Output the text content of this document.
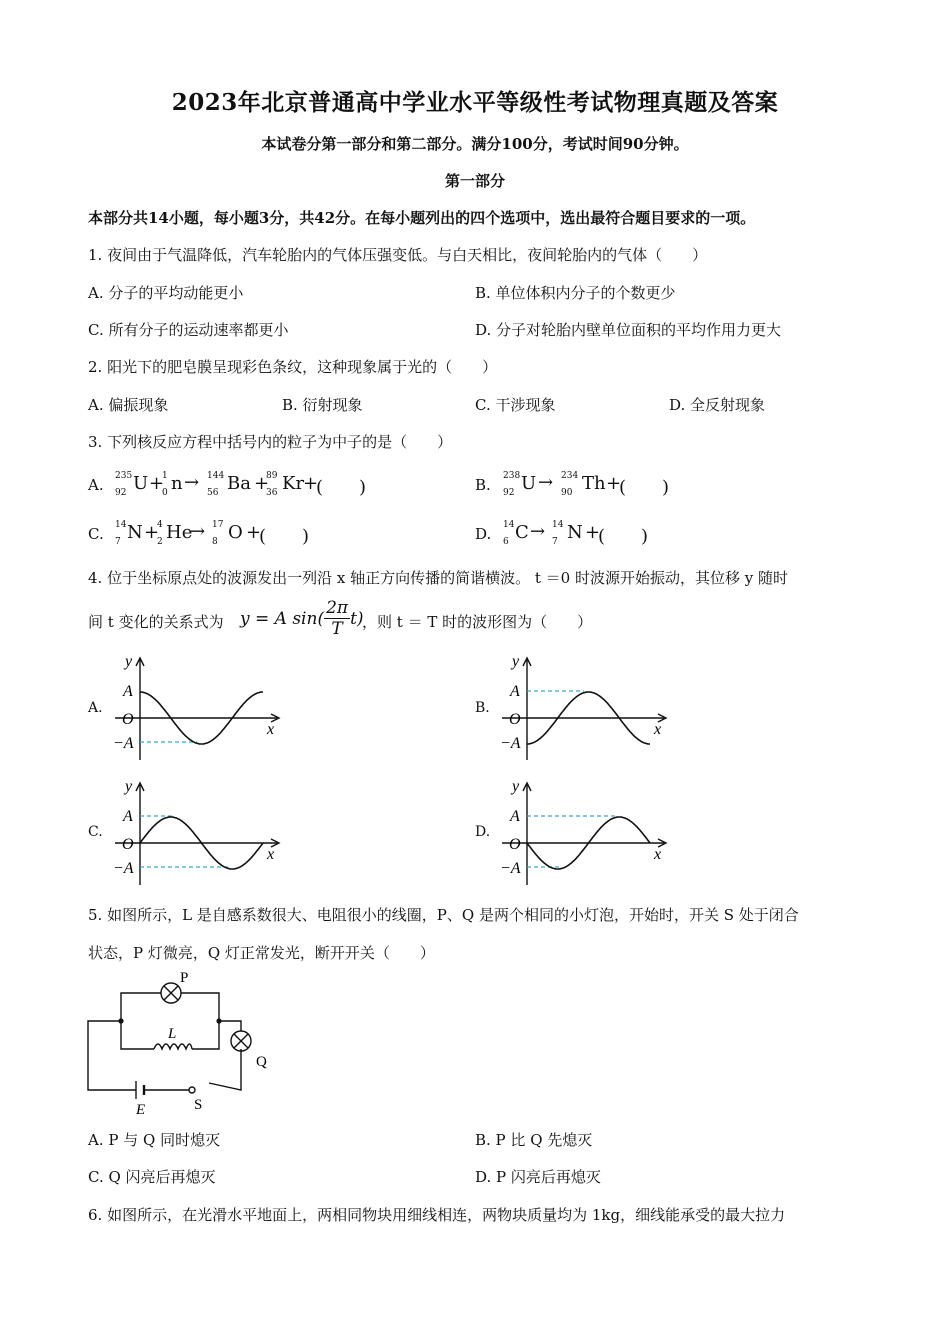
2023年北京普通高中学业水平等级性考试物理真题及答案
本试卷分第一部分和第二部分。满分100分，考试时间90分钟。
第一部分
本部分共14小题，每小题3分，共42分。在每小题列出的四个选项中，选出最符合题目要求的一项。
1. 夜间由于气温降低，汽车轮胎内的气体压强变低。与白天相比，夜间轮胎内的气体（　　）
A. 分子的平均动能更小	B. 单位体积内分子的个数更少
C. 所有分子的运动速率都更小	D. 分子对轮胎内壁单位面积的平均作用力更大
2. 阳光下的肥皂膜呈现彩色条纹，这种现象属于光的（　　）
A. 偏振现象	B. 衍射现象	C. 干涉现象	D. 全反射现象
3. 下列核反应方程中括号内的粒子为中子的是（　　）
A. 235
92 U +
1
0 n → 144
56 Ba +
89
36 Kr
+
(　　)	B. 238
92 U → 234
90 Th +
(　　)
C. 14
7 N +
4
2 He
→ 17
8 O +
(　　)	D. 14
6 C → 14
7 N +
(　　)
4. 位于坐标原点处的波源发出一列沿 x 轴正方向传播的简谐横波。 t ＝0 时波源开始振动，其位移 y 随时
间 t 变化的关系式为 y = A $\sin( \frac{2\pi}{T} t)$
，则 t ＝ T 时的波形图为（　　）
A.	B.
C.	D.
y
A
O
−A
x
y
A
O
−A
x
y
A
O
−A
x
y
A
O
−A
x
5. 如图所示，L 是自感系数很大、电阻很小的线圈，P、Q 是两个相同的小灯泡，开始时，开关 S 处于闭合
状态，P 灯微亮，Q 灯正常发光，断开开关（　　）
P
L
Q
E	S
A. P 与 Q 同时熄灭	B. P 比 Q 先熄灭
C. Q 闪亮后再熄灭	D. P 闪亮后再熄灭
6. 如图所示，在光滑水平地面上，两相同物块用细线相连，两物块质量均为 1kg，细线能承受的最大拉力
